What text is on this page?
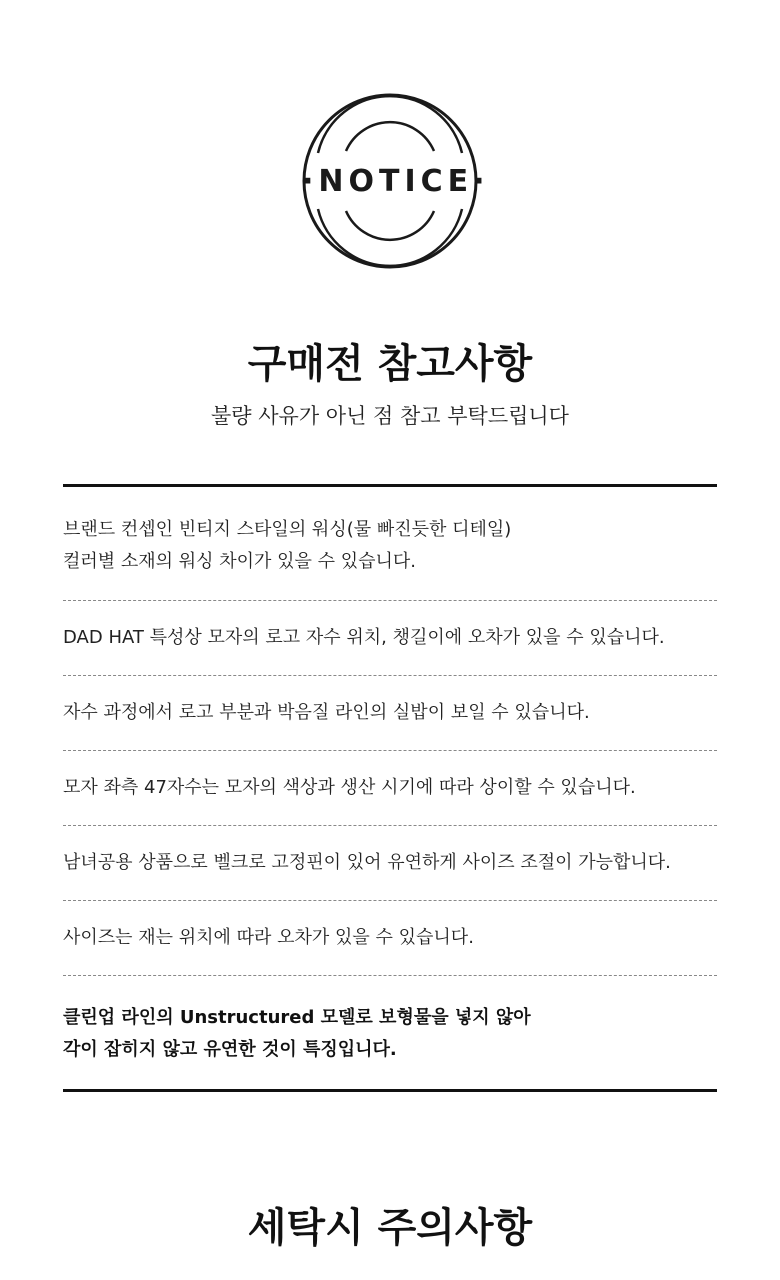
·NOTICE·
구매전 참고사항

불량 사유가 아닌 점 참고 부탁드립니다

브랜드 컨셉인 빈티지 스타일의 워싱(물 빠진듯한 디테일)
컬러별 소재의 워싱 차이가 있을 수 있습니다.
DAD HAT 특성상 모자의 로고 자수 위치, 챙길이에 오차가 있을 수 있습니다.
자수 과정에서 로고 부분과 박음질 라인의 실밥이 보일 수 있습니다.
모자 좌측 47자수는 모자의 색상과 생산 시기에 따라 상이할 수 있습니다.
남녀공용 상품으로 벨크로 고정핀이 있어 유연하게 사이즈 조절이 가능합니다.
사이즈는 재는 위치에 따라 오차가 있을 수 있습니다.
클린업 라인의 Unstructured 모델로 보형물을 넣지 않아
각이 잡히지 않고 유연한 것이 특징입니다.
세탁시 주의사항
